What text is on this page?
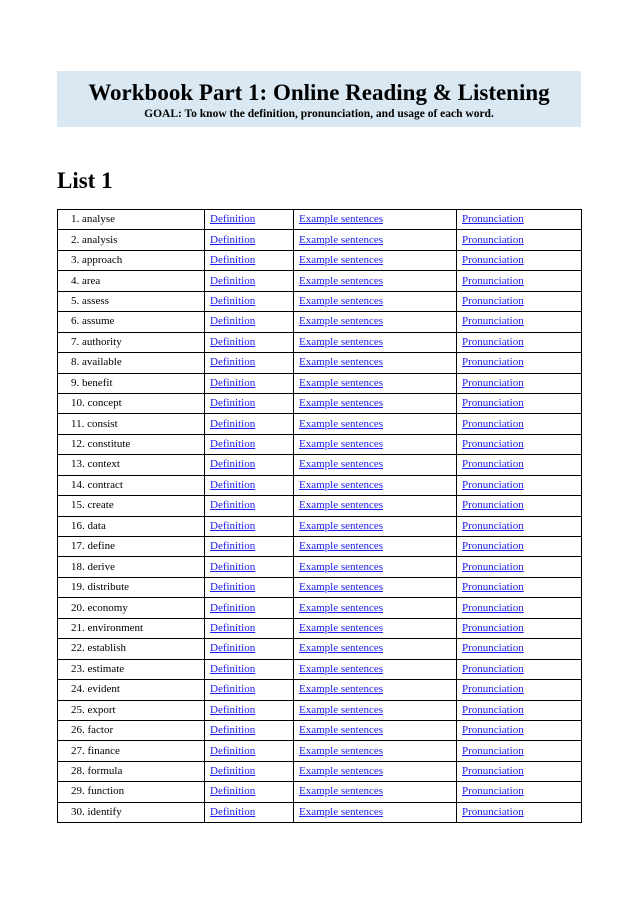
Workbook Part 1: Online Reading & Listening
GOAL: To know the definition, pronunciation, and usage of each word.
List 1
1. analyse	Definition	Example sentences	Pronunciation
2. analysis	Definition	Example sentences	Pronunciation
3. approach	Definition	Example sentences	Pronunciation
4. area	Definition	Example sentences	Pronunciation
5. assess	Definition	Example sentences	Pronunciation
6. assume	Definition	Example sentences	Pronunciation
7. authority	Definition	Example sentences	Pronunciation
8. available	Definition	Example sentences	Pronunciation
9. benefit	Definition	Example sentences	Pronunciation
10. concept	Definition	Example sentences	Pronunciation
11. consist	Definition	Example sentences	Pronunciation
12. constitute	Definition	Example sentences	Pronunciation
13. context	Definition	Example sentences	Pronunciation
14. contract	Definition	Example sentences	Pronunciation
15. create	Definition	Example sentences	Pronunciation
16. data	Definition	Example sentences	Pronunciation
17. define	Definition	Example sentences	Pronunciation
18. derive	Definition	Example sentences	Pronunciation
19. distribute	Definition	Example sentences	Pronunciation
20. economy	Definition	Example sentences	Pronunciation
21. environment	Definition	Example sentences	Pronunciation
22. establish	Definition	Example sentences	Pronunciation
23. estimate	Definition	Example sentences	Pronunciation
24. evident	Definition	Example sentences	Pronunciation
25. export	Definition	Example sentences	Pronunciation
26. factor	Definition	Example sentences	Pronunciation
27. finance	Definition	Example sentences	Pronunciation
28. formula	Definition	Example sentences	Pronunciation
29. function	Definition	Example sentences	Pronunciation
30. identify	Definition	Example sentences	Pronunciation
